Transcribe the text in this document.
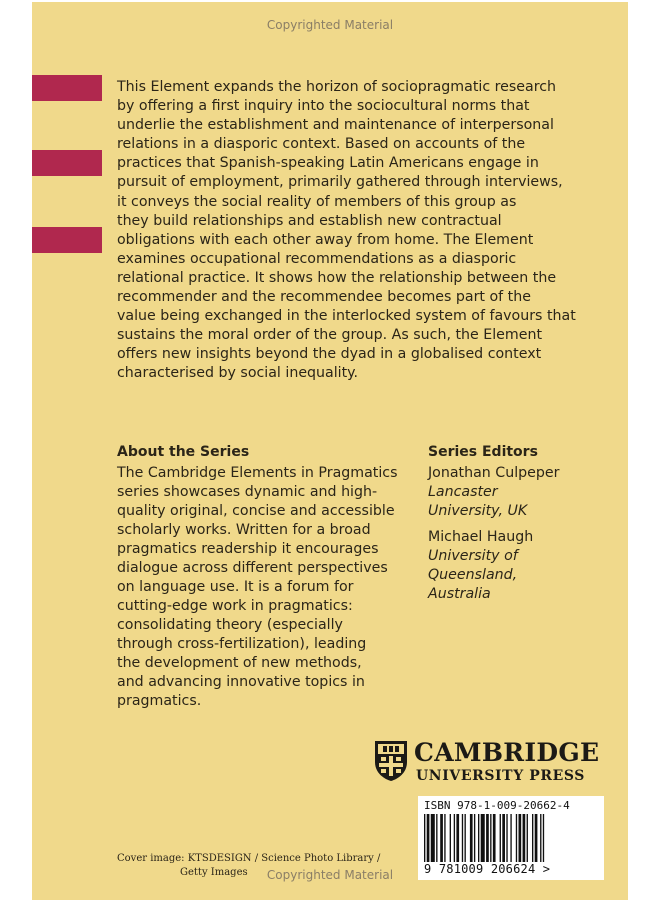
Copyrighted Material
This Element expands the horizon of sociopragmatic research
by offering a first inquiry into the sociocultural norms that
underlie the establishment and maintenance of interpersonal
relations in a diasporic context. Based on accounts of the
practices that Spanish-speaking Latin Americans engage in
pursuit of employment, primarily gathered through interviews,
it conveys the social reality of members of this group as
they build relationships and establish new contractual
obligations with each other away from home. The Element
examines occupational recommendations as a diasporic
relational practice. It shows how the relationship between the
recommender and the recommendee becomes part of the
value being exchanged in the interlocked system of favours that
sustains the moral order of the group. As such, the Element
offers new insights beyond the dyad in a globalised context
characterised by social inequality.
About the Series
The Cambridge Elements in Pragmatics
series showcases dynamic and high-
quality original, concise and accessible
scholarly works. Written for a broad
pragmatics readership it encourages
dialogue across different perspectives
on language use. It is a forum for
cutting-edge work in pragmatics:
consolidating theory (especially
through cross-fertilization), leading
the development of new methods,
and advancing innovative topics in
pragmatics.
Series Editors
Jonathan Culpeper
Lancaster
University, UK
Michael Haugh
University of
Queensland,
Australia
CAMBRIDGE
UNIVERSITY PRESS
ISBN 978-1-009-20662-4
9 781009 206624 >
Cover image: KTSDESIGN / Science Photo Library /
Getty Images	Copyrighted Material
